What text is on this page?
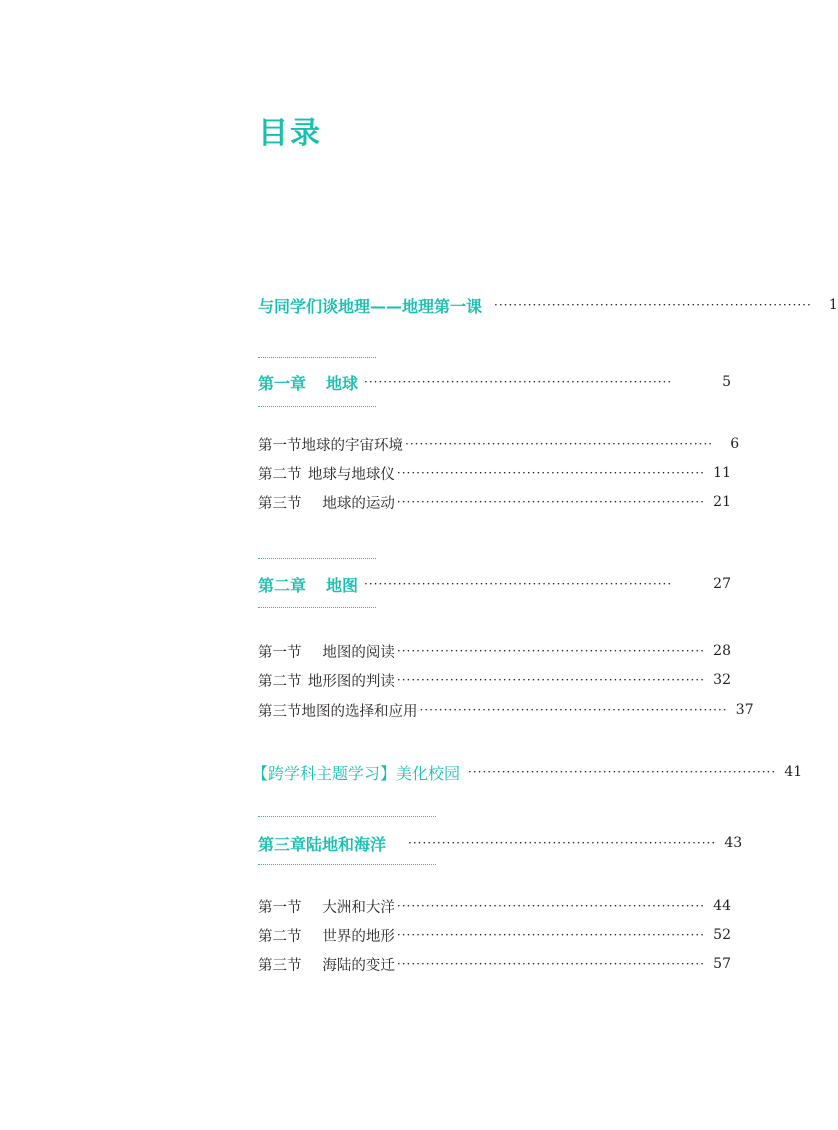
目录
与同学们谈地理——地理第一课 ··································································	1
第一章 地球 ································································	5
第一节 地球的宇宙环境 ································································	6
第二节 地球与地球仪 ································································ 11
第三节	地球的运动 ································································ 21
第二章 地图 ································································	27
第一节	地图的阅读 ································································ 28
第二节 地形图的判读 ································································ 32
第三节 地图的选择和应用 ································································ 37
【跨学科主题学习】美化校园 ································································ 41
第三章 陆地和海洋 ································································ 43
第一节	大洲和大洋 ································································ 44
第二节	世界的地形 ································································ 52
第三节	海陆的变迁 ································································ 57
